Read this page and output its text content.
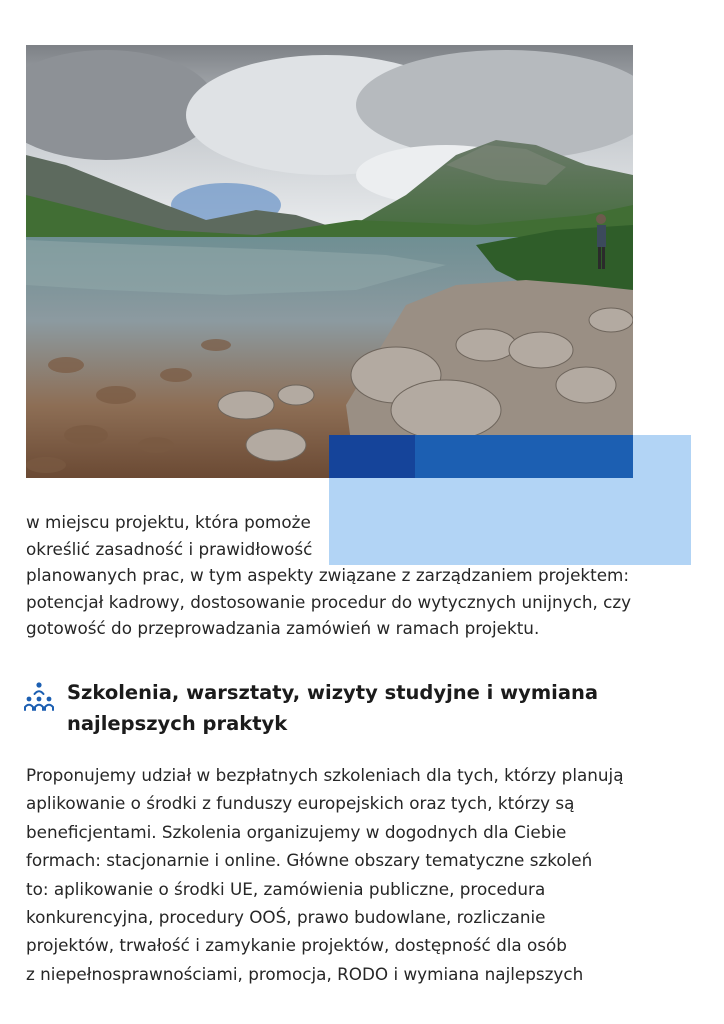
w miejscu projektu, która pomoże
określić zasadność i prawidłowość
planowanych prac, w tym aspekty związane z zarządzaniem projektem:
potencjał kadrowy, dostosowanie procedur do wytycznych unijnych, czy
gotowość do przeprowadzania zamówień w ramach projektu.
Szkolenia, warsztaty, wizyty studyjne i wymiana
najlepszych praktyk
Proponujemy udział w bezpłatnych szkoleniach dla tych, którzy planują
aplikowanie o środki z funduszy europejskich oraz tych, którzy są
beneficjentami. Szkolenia organizujemy w dogodnych dla Ciebie
formach: stacjonarnie i online. Główne obszary tematyczne szkoleń
to: aplikowanie o środki UE, zamówienia publiczne, procedura
konkurencyjna, procedury OOŚ, prawo budowlane, rozliczanie
projektów, trwałość i zamykanie projektów, dostępność dla osób
z niepełnosprawnościami, promocja, RODO i wymiana najlepszych
